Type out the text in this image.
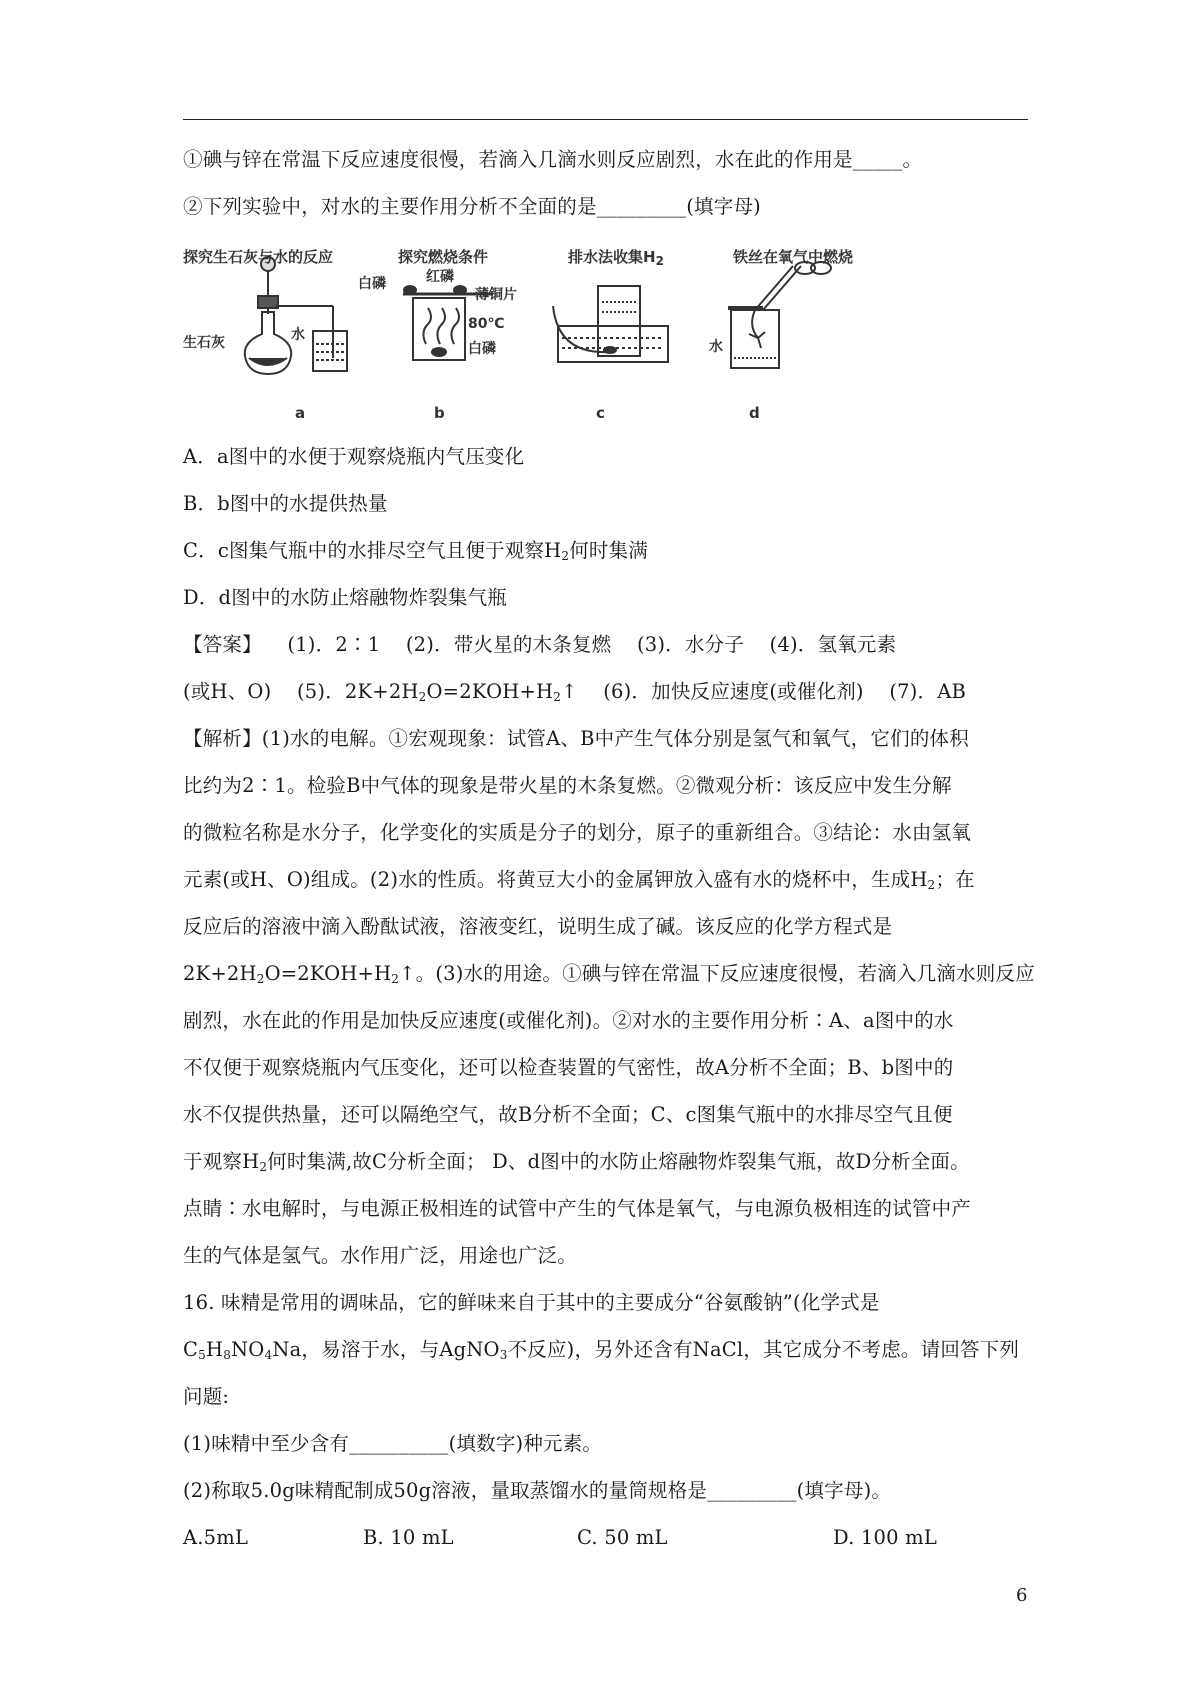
①碘与锌在常温下反应速度很慢，若滴入几滴水则反应剧烈，水在此的作用是_____。
②下列实验中，对水的主要作用分析不全面的是_________(填字母)
探究生石灰与水的反应
生石灰	水
a
探究燃烧条件
红磷
白磷
薄铜片
80℃
白磷
b
排水法收集$H_2$
c
铁丝在氧气中燃烧
水
d
A．a图中的水便于观察烧瓶内气压变化
B．b图中的水提供热量
C．c图集气瓶中的水排尽空气且便于观察$H_2$何时集满
D．d图中的水防止熔融物炸裂集气瓶
【答案】    (1)．2∶1    (2)．带火星的木条复燃    (3)．水分子    (4)．氢氧元素
(或H、O)    (5)．$2K+2H_2O=2KOH+H_2↑$    (6)．加快反应速度(或催化剂)    (7)．AB
【解析】(1)水的电解。①宏观现象：试管A、B中产生气体分别是氢气和氧气，它们的体积
比约为2∶1。检验B中气体的现象是带火星的木条复燃。②微观分析：该反应中发生分解
的微粒名称是水分子，化学变化的实质是分子的划分，原子的重新组合。③结论：水由氢氧
元素(或H、O)组成。(2)水的性质。将黄豆大小的金属钾放入盛有水的烧杯中，生成$H_2$；在
反应后的溶液中滴入酚酞试液，溶液变红，说明生成了碱。该反应的化学方程式是
$2K+2H_2O=2KOH+H_2↑$。(3)水的用途。①碘与锌在常温下反应速度很慢，若滴入几滴水则反应
剧烈，水在此的作用是加快反应速度(或催化剂)。②对水的主要作用分析∶A、a图中的水
不仅便于观察烧瓶内气压变化，还可以检查装置的气密性，故A分析不全面；B、b图中的
水不仅提供热量，还可以隔绝空气，故B分析不全面；C、c图集气瓶中的水排尽空气且便
于观察$H_2$何时集满,故C分析全面； D、d图中的水防止熔融物炸裂集气瓶，故D分析全面。
点睛∶水电解时，与电源正极相连的试管中产生的气体是氧气，与电源负极相连的试管中产
生的气体是氢气。水作用广泛，用途也广泛。
16. 味精是常用的调味品，它的鲜味来自于其中的主要成分“谷氨酸钠”(化学式是
$C_5H_8NO_4Na$，易溶于水，与AgNO$_3$不反应)，另外还含有NaCl，其它成分不考虑。请回答下列
问题:
(1)味精中至少含有__________(填数字)种元素。
(2)称取5.0g味精配制成50g溶液，量取蒸馏水的量筒规格是_________(填字母)。

A.5mL

	B. 10 mL

	C. 50 mL

	D. 100 mL

6
